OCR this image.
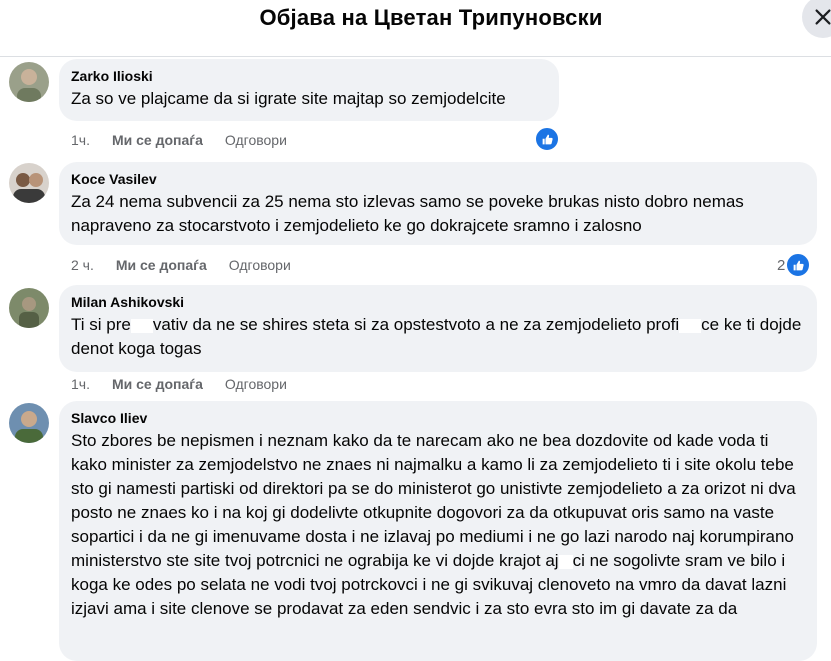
Објава на Цветан Трипуновски
Zarko Ilioski
Za so ve plajcame da si igrate site majtap so zemjodelcite
1ч. Ми се допаѓа Одговори
Koce Vasilev
Za 24 nema subvencii za 25 nema sto izlevas samo se poveke brukas nisto dobro nemas napraveno za stocarstvoto i zemjodelieto ke go dokrajcete sramno i zalosno
2 ч. Ми се допаѓа Одговори	2
Milan Ashikovski
Ti si pre vativ da ne se shires steta si za opstestvoto a ne za zemjodelieto profi ce ke ti dojde denot koga togas
1ч. Ми се допаѓа Одговори
Slavco Iliev
Sto zbores be nepismen i neznam kako da te narecam ako ne bea dozdovite od kade voda ti kako minister za zemjodelstvo ne znaes ni najmalku a kamo li za zemjodelieto ti i site okolu tebe sto gi namesti partiski od direktori pa se do ministerot go unistivte zemjodelieto a za orizot ni dva posto ne znaes ko i na koj gi dodelivte otkupnite dogovori za da otkupuvat oris samo na vaste sopartici i da ne gi imenuvame dosta i ne izlavaj po mediumi i ne go lazi narodo naj korumpirano ministerstvo ste site tvoj potrcnici ne ograbija ke vi dojde krajot aj ci ne sogolivte sram ve bilo i koga ke odes po selata ne vodi tvoj potrckovci i ne gi svikuvaj clenoveto na vmro da davat lazni izjavi ama i site clenove se prodavat za eden sendvic i za sto evra sto im gi davate za da
